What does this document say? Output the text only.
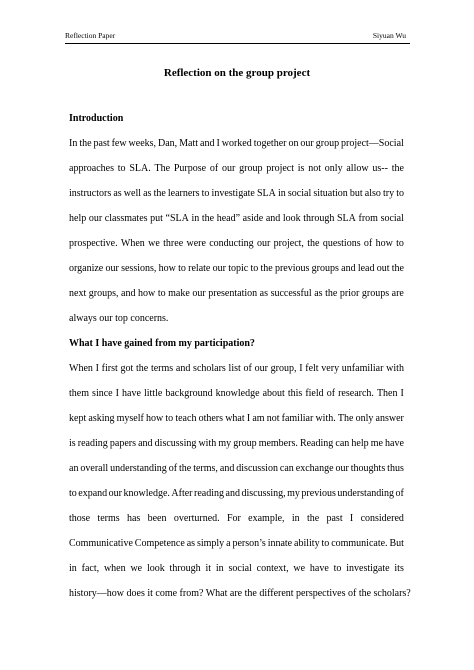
Reflection Paper	Siyuan Wu
Reflection on the group project
Introduction
In the past few weeks, Dan, Matt and I worked together on our group project—Social
approaches to SLA. The Purpose of our group project is not only allow us-- the
instructors as well as the learners to investigate SLA in social situation but also try to
help our classmates put “SLA in the head” aside and look through SLA from social
prospective. When we three were conducting our project, the questions of how to
organize our sessions, how to relate our topic to the previous groups and lead out the
next groups, and how to make our presentation as successful as the prior groups are
always our top concerns.
What I have gained from my participation?
When I first got the terms and scholars list of our group, I felt very unfamiliar with
them since I have little background knowledge about this field of research. Then I
kept asking myself how to teach others what I am not familiar with. The only answer
is reading papers and discussing with my group members. Reading can help me have
an overall understanding of the terms, and discussion can exchange our thoughts thus
to expand our knowledge. After reading and discussing, my previous understanding of
those terms has been overturned. For example, in the past I considered
Communicative Competence as simply a person’s innate ability to communicate. But
in fact, when we look through it in social context, we have to investigate its
history—how does it come from? What are the different perspectives of the scholars?
